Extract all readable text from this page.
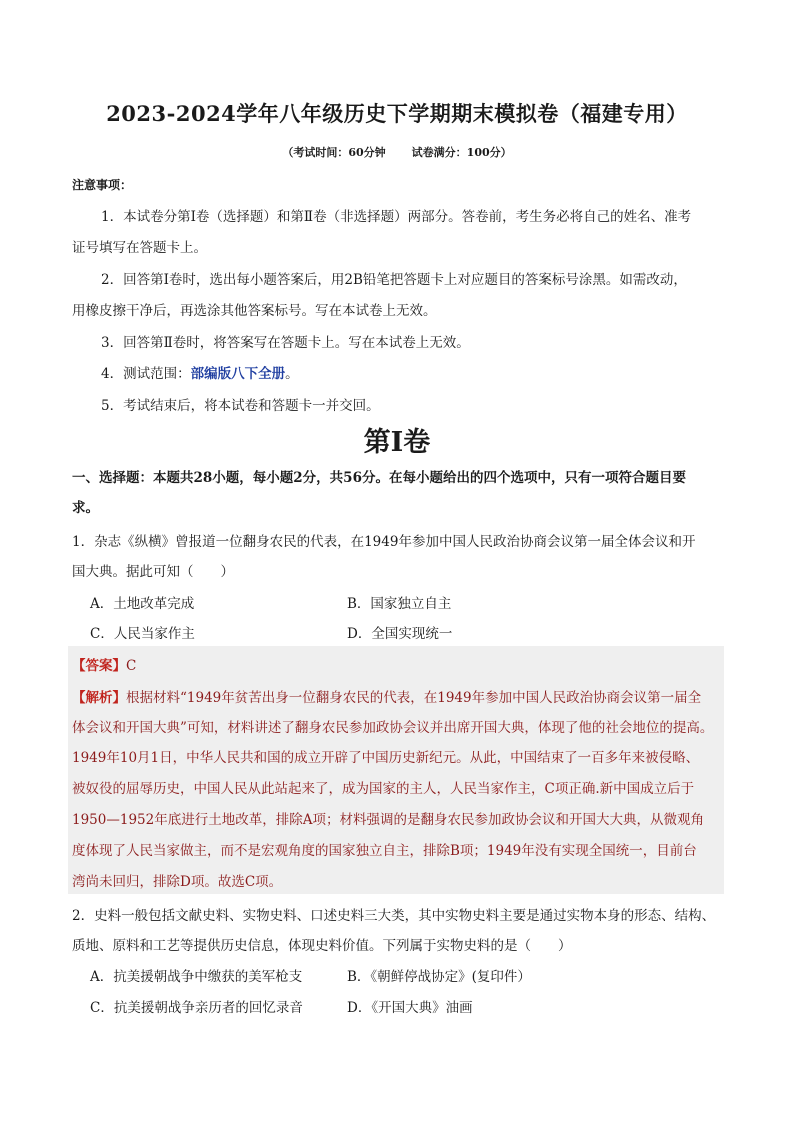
2023-2024学年八年级历史下学期期末模拟卷（福建专用）
（考试时间：60分钟 试卷满分：100分）
注意事项：
1．本试卷分第Ⅰ卷（选择题）和第Ⅱ卷（非选择题）两部分。答卷前，考生务必将自己的姓名、准考
证号填写在答题卡上。
2．回答第Ⅰ卷时，选出每小题答案后，用2B铅笔把答题卡上对应题目的答案标号涂黑。如需改动，
用橡皮擦干净后，再选涂其他答案标号。写在本试卷上无效。
3．回答第Ⅱ卷时，将答案写在答题卡上。写在本试卷上无效。
4．测试范围：部编版八下全册。
5．考试结束后，将本试卷和答题卡一并交回。
第Ⅰ卷
一、选择题：本题共28小题，每小题2分，共56分。在每小题给出的四个选项中，只有一项符合题目要
求。
1．杂志《纵横》曾报道一位翻身农民的代表，在1949年参加中国人民政治协商会议第一届全体会议和开
国大典。据此可知（　　）
A．土地改革完成	B．国家独立自主
C．人民当家作主	D．全国实现统一
【答案】C
【解析】根据材料“1949年贫苦出身一位翻身农民的代表，在1949年参加中国人民政治协商会议第一届全
体会议和开国大典”可知，材料讲述了翻身农民参加政协会议并出席开国大典，体现了他的社会地位的提高。
1949年10月1日，中华人民共和国的成立开辟了中国历史新纪元。从此，中国结束了一百多年来被侵略、
被奴役的屈辱历史，中国人民从此站起来了，成为国家的主人，人民当家作主，C项正确.新中国成立后于
1950—1952年底进行土地改革，排除A项；材料强调的是翻身农民参加政协会议和开国大大典，从微观角
度体现了人民当家做主，而不是宏观角度的国家独立自主，排除B项；1949年没有实现全国统一，目前台
湾尚未回归，排除D项。故选C项。
2．史料一般包括文献史料、实物史料、口述史料三大类，其中实物史料主要是通过实物本身的形态、结构、
质地、原料和工艺等提供历史信息，体现史料价值。下列属于实物史料的是（　　）
A．抗美援朝战争中缴获的美军枪支	B．《朝鲜停战协定》(复印件）
C．抗美援朝战争亲历者的回忆录音	D．《开国大典》油画
